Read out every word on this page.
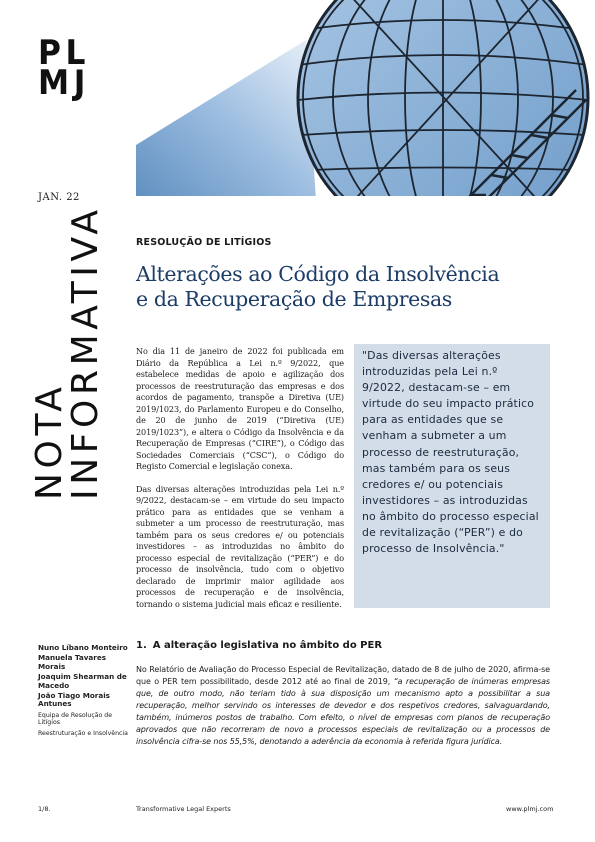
PL
MJ
JAN. 22
NOTA
INFORMATIVA	RESOLUÇÃO DE LITÍGIOS
Alterações ao Código da Insolvência
e da Recuperação de Empresas

No dia 11 de janeiro de 2022 foi publicada em Diário da República a Lei n.º 9/2022, que estabelece medidas de apoio e agilização dos processos de reestruturação das empresas e dos acordos de pagamento, transpõe a Diretiva (UE) 2019/1023, do Parlamento Europeu e do Conselho, de 20 de junho de 2019 (“Diretiva (UE) 2019/1023”), e altera o Código da Insolvência e da Recuperação de Empresas (“CIRE”), o Código das Sociedades Comerciais (“CSC”), o Código do Registo Comercial e legislação conexa.

Das diversas alterações introduzidas pela Lei n.º 9/2022, destacam-se – em virtude do seu impacto prático para as entidades que se venham a submeter a um processo de reestruturação, mas também para os seus credores e/ ou potenciais investidores – as introduzidas no âmbito do processo especial de revitalização (“PER”) e do processo de insolvência, tudo com o objetivo declarado de imprimir maior agilidade aos processos de recuperação e de insolvência, tornando o sistema judicial mais eficaz e resiliente.

"Das diversas alterações introduzidas pela Lei n.º 9/2022, destacam-se – em virtude do seu impacto prático para as entidades que se venham a submeter a um processo de reestruturação, mas também para os seus credores e/ ou potenciais investidores – as introduzidas no âmbito do processo especial de revitalização (“PER”) e do processo de Insolvência."
Nuno Líbano Monteiro
Manuela Tavares Morais
Joaquim Shearman de Macedo
João Tiago Morais Antunes
Equipa de Resolução de Litígios
Reestruturação e Insolvência
1. A alteração legislativa no âmbito do PER
No Relatório de Avaliação do Processo Especial de Revitalização, datado de 8 de julho de 2020, afirma-se que o PER tem possibilitado, desde 2012 até ao final de 2019, “a recuperação de inúmeras empresas que, de outro modo, não teriam tido à sua disposição um mecanismo apto a possibilitar a sua recuperação, melhor servindo os interesses de devedor e dos respetivos credores, salvaguardando, também, inúmeros postos de trabalho. Com efeito, o nível de empresas com planos de recuperação aprovados que não recorreram de novo a processos especiais de revitalização ou a processos de insolvência cifra-se nos 55,5%, denotando a aderência da economia à referida figura jurídica.
1/8.	Transformative Legal Experts	www.plmj.com
